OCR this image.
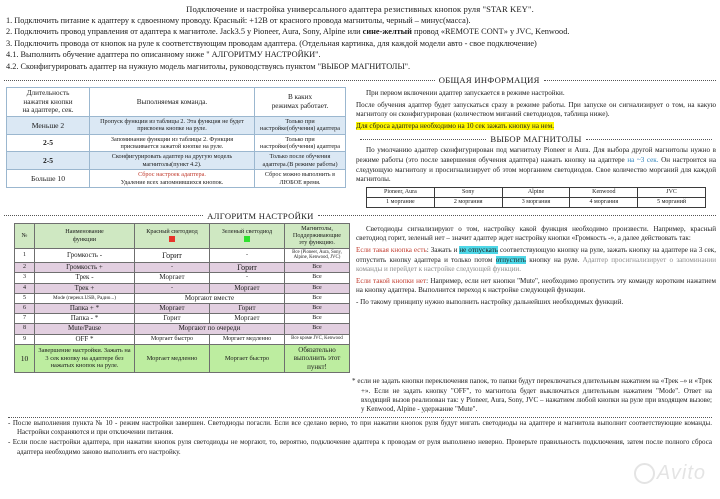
Подключение и настройка универсального адаптера резистивных кнопок руля "STAR KEY".
1. Подключить питание к адаптеру к сдвоенному проводу. Красный: +12В от красного провода магнитолы, черный – минус(масса).
2. Подключить провод управления от адаптера к магнитоле. Jack3.5 у Pioneer, Aura, Sony, Alpine или сине-желтый провод «REMOTE CONT» у JVC, Kenwood.
3. Подключить провода от кнопок на руле к соответствующим проводам адаптера. (Отдельная картинка, для каждой модели авто - свое подключение)
4.1. Выполнить обучение адаптера по описанному ниже " АЛГОРИТМУ НАСТРОЙКИ".
4.2. Сконфигурировать адаптер на нужную модель магнитолы, руководствуясь пунктом "ВЫБОР МАГНИТОЛЫ".
ОБЩАЯ ИНФОРМАЦИЯ
Длительность
нажатия кнопки
на адаптере, сек.
	Выполняемая команда.	
В каких
режимах работает.

Меньше 2	Пропуск функции из таблицы 2. Эта функция не будет присвоена кнопке на руле.	Только при настройке(обучения) адаптера
2-5	Запоминание функции из таблицы 2. Функция присваивается зажатой кнопке на руле.	Только при настройке(обучения) адаптера
2-5	Сконфигурировать адаптер на другую модель магнитолы(пункт 4.2).	Только после обучения адаптера.(В режиме работы)
Больше 10	Сброс настроек адаптера.
Удаление всех запомнившихся кнопок.	Сброс можно выполнить в ЛЮБОЕ время.
При первом включении адаптер запускается в режиме настройки.
После обучения адаптер будет запускаться сразу в режиме работы. При запуске он сигнализирует о том, на какую магнитолу он сконфигурирован (количеством миганий светодиодов, таблица ниже).
Для сброса адаптера необходимо на 10 сек зажать кнопку на нем.
ВЫБОР МАГНИТОЛЫ
По умолчанию адаптер сконфигурирован под магнитолу Pioneer и Aura. Для выбора другой магнитолы нужно в режиме работы (это после завершения обучения адаптера) нажать кнопку на адаптере на ~3 сек. Он настроится на следующую магнитолу и просигнализирует об этом морганием светодиодов. Свое количество морганий для каждой магнитолы.
Pioneer, Aura	Sony	Alpine	Kenwood	JVC
1 моргание	2 моргания	3 моргания	4 моргания	5 морганий
АЛГОРИТМ НАСТРОЙКИ
№	
Наименование
функции

Красный светодиод	Зеленый светодиод

Магнитолы,
Поддерживающие
эту функцию.

1	Громкость -	Горит	-	Все (Pioneer, Aura, Sony, Alpine, Kenwood, JVC)
2	Громкость +	-	Горит	Все
3	Трек -	Моргает	-	Все
4	Трек +	-	Моргает	Все
5	Mode (перекл.USB, Радио...)	Моргают вместе		Все
6	Папка + *	Моргает	Горит	Все
7	Папка - *	Горит	Моргает	Все
8	Mute/Pause	Моргают по очереди		Все
9	OFF *	Моргает быстро	Моргает медленно	Все кроме JVC, Kenwood
10	Завершение настройки. Зажать на 3 сек кнопку на адаптере без нажатых кнопок на руле.	Моргает медленно	Моргает быстро	Обязательно выполнить этот пункт!
Светодиоды сигнализируют о том, настройку какой функция необходимо произвести. Например, красный светодиод горит, зеленый нет – значит адаптер ждет настройку кнопки «Громкость -», а далее действовать так:
Если такая кнопка есть: Зажать и не отпускать соответствующую кнопку на руле, зажать кнопку на адаптере на 3 сек, отпустить кнопку адаптера и только потом отпустить кнопку на руле. Адаптер просигнализирует о запоминании команды и перейдет к настройке следующей функции.
Если такой кнопки нет: Например, если нет кнопки "Mute", необходимо пропустить эту команду коротким нажатием на кнопку адаптера. Выполнится переход к настройке следующей функции.
- По такому принципу нужно выполнить настройку дальнейших необходимых функций.
* если не задать кнопки переключения папок, то папки будут переключаться длительным нажатием на «Трек –» и «Трек +». Если не задать кнопку "OFF", то магнитола будет выключаться длительным нажатием "Mode". Ответ на входящий вызов реализован так: у Pioneer, Aura, Sony, JVC – нажатием любой кнопки на руле при входящем вызове; у Kenwood, Alpine - удержание "Mute".
- После выполнения пункта № 10 - режим настройки завершен. Светодиоды погасли. Если все сделано верно, то при нажатии кнопок руля будут мигать светодиоды на адаптере и магнитола выполнит соответствующие команды. Настройки сохраняются и при отключении питания.
- Если после настройки адаптера, при нажатии кнопок руля светодиоды не моргают, то, вероятно, подключение адаптера к проводам от руля выполнено неверно. Проверьте правильность подключения, затем после полного сброса адаптера необходимо заново выполнить его настройку.
Avito
